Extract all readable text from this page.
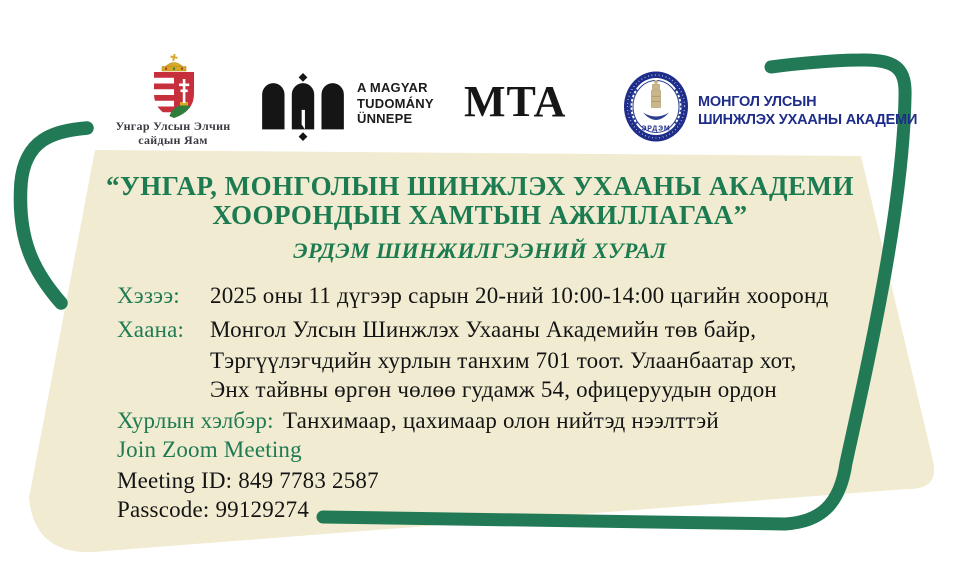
Унгар Улсын Элчин
сайдын Яам
A MAGYAR
TUDOMÁNY
ÜNNEPE	MTA
ЭРДЭМ
МОНГОЛ УЛСЫН
ШИНЖЛЭХ УХААНЫ АКАДЕМИ
“УНГАР, МОНГОЛЫН ШИНЖЛЭХ УХААНЫ АКАДЕМИ
ХООРОНДЫН ХАМТЫН АЖИЛЛАГАА”
ЭРДЭМ ШИНЖИЛГЭЭНИЙ ХУРАЛ
Хэзээ: 2025 оны 11 дүгээр сарын 20-ний 10:00-14:00 цагийн хооронд
Хаана: Монгол Улсын Шинжлэх Ухааны Академийн төв байр,
Тэргүүлэгчдийн хурлын танхим 701 тоот. Улаанбаатар хот,
Энх тайвны өргөн чөлөө гудамж 54, офицеруудын ордон
Хурлын хэлбэр: Танхимаар, цахимаар олон нийтэд нээлттэй
Join Zoom Meeting
Meeting ID: 849 7783 2587
Passcode: 99129274
